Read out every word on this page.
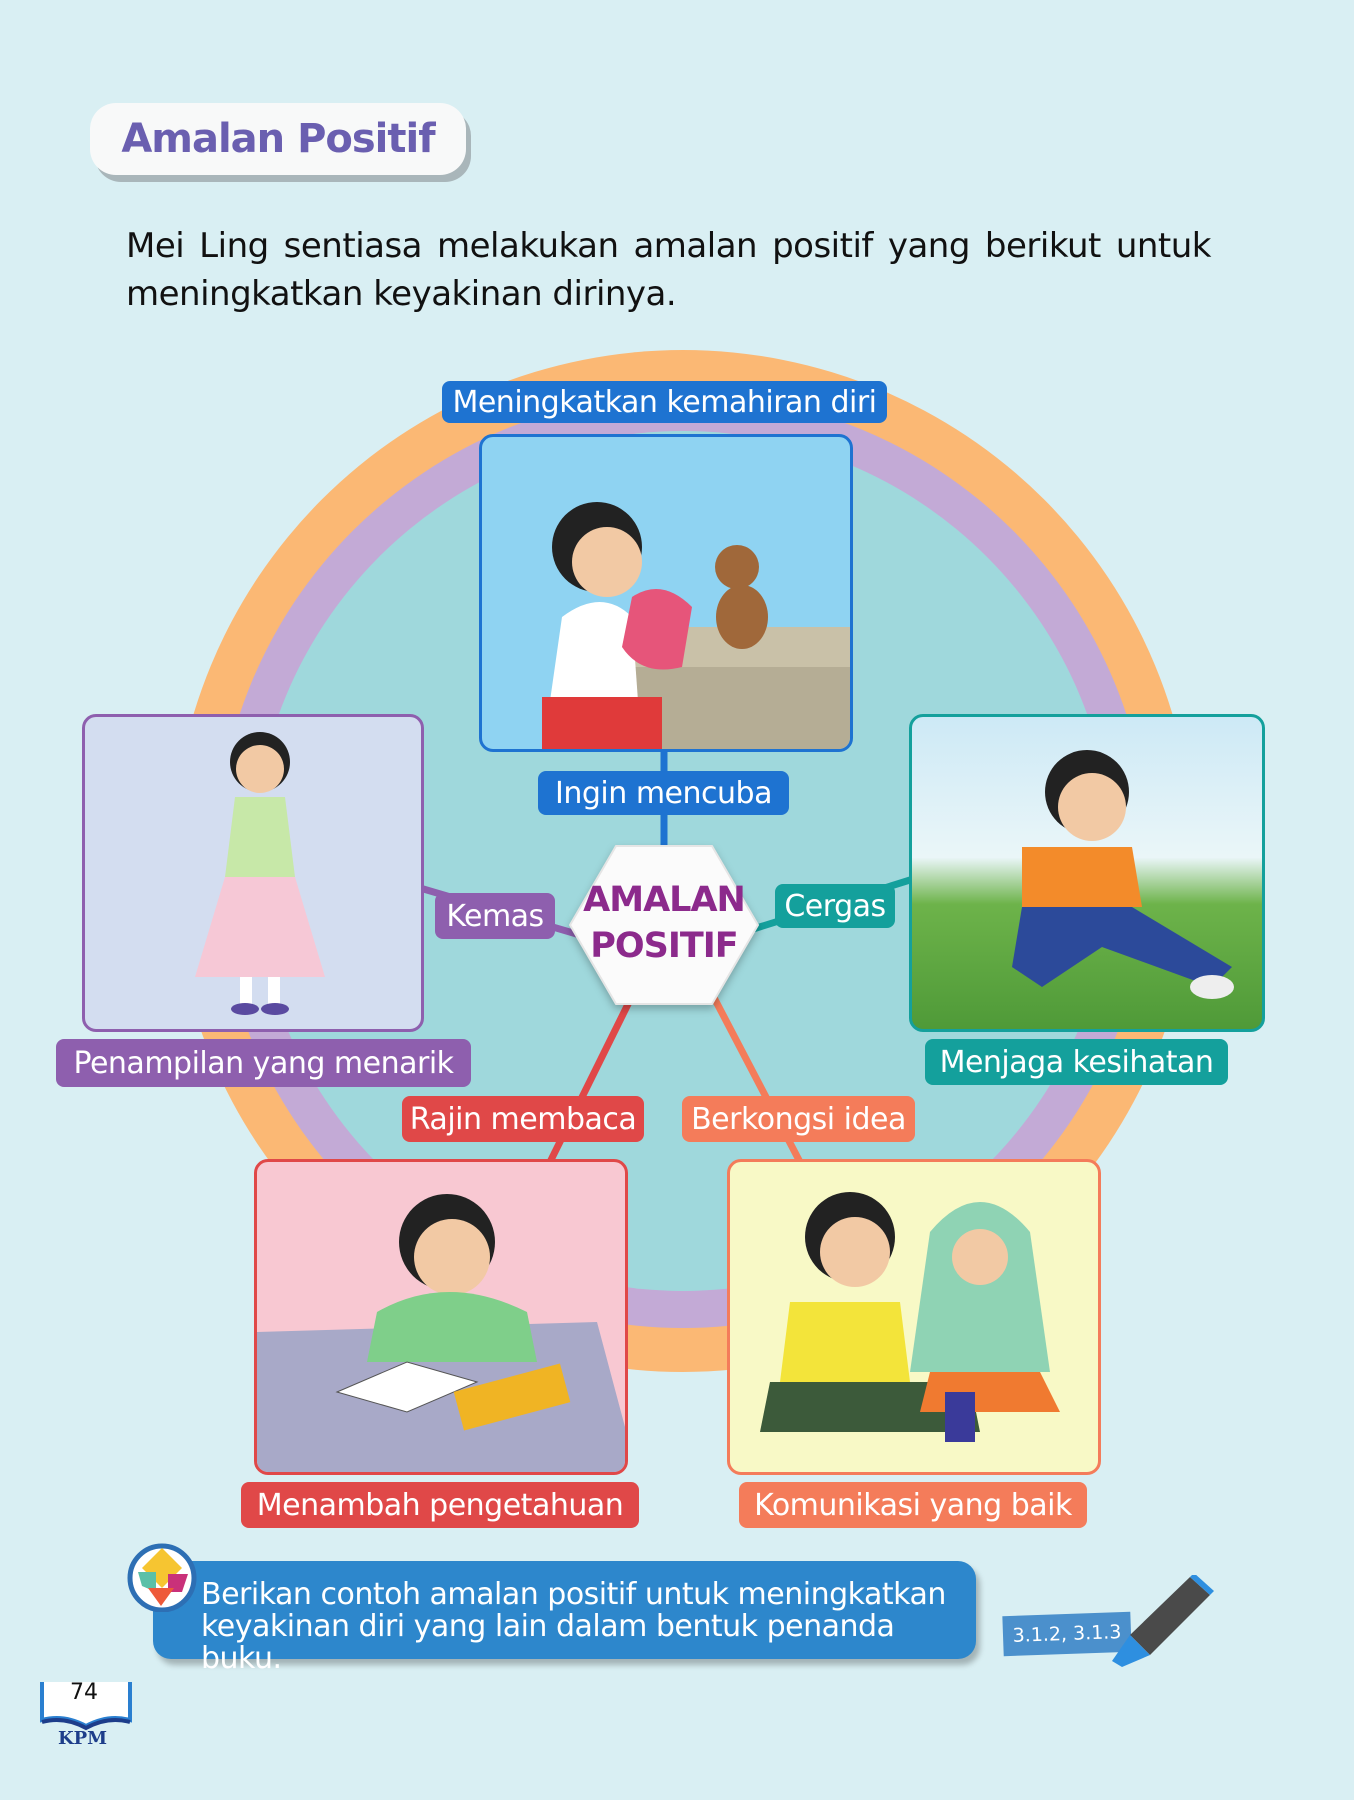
Amalan Positif
Mei Ling sentiasa melakukan amalan positif yang berikut untuk meningkatkan keyakinan dirinya.
Meningkatkan kemahiran diri
Ingin mencuba
Penampilan yang menarik
Kemas
Menjaga kesihatan
Cergas
Menambah pengetahuan
Rajin membaca
Komunikasi yang baik
Berkongsi idea
AMALAN
POSITIF
Berikan contoh amalan positif untuk meningkatkan
keyakinan diri yang lain dalam bentuk penanda buku.
3.1.2, 3.1.3
74
KPM
